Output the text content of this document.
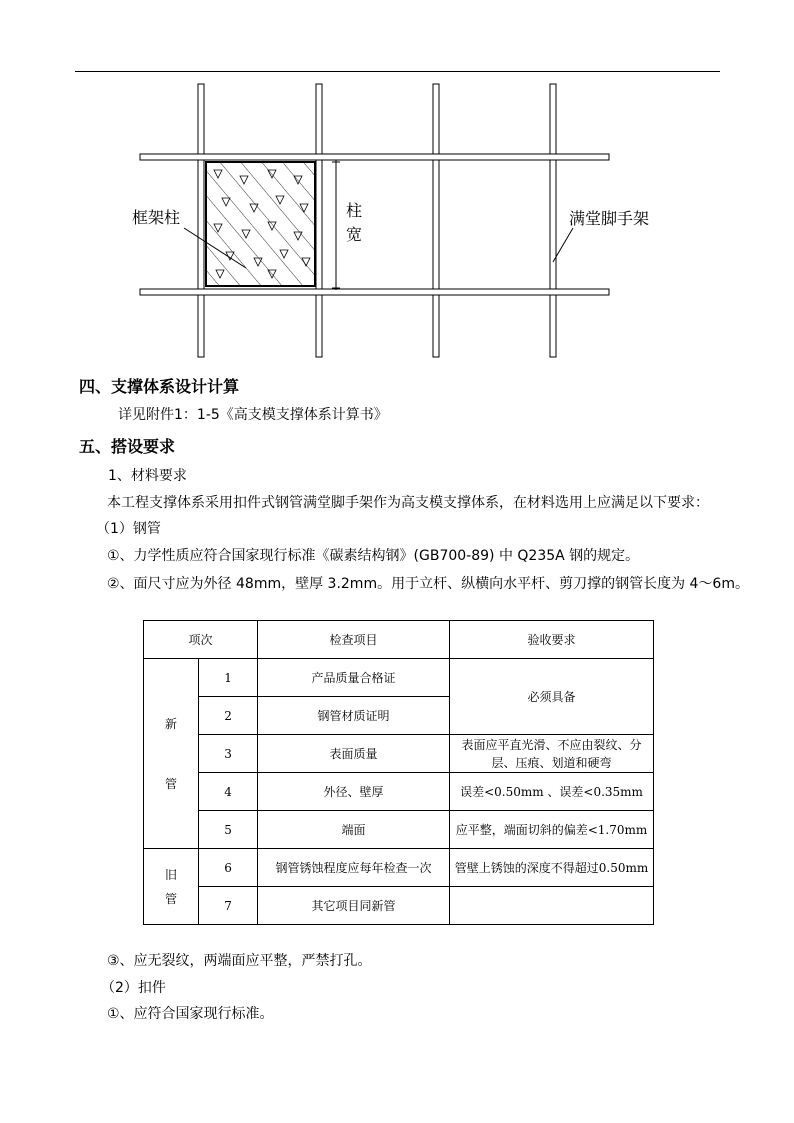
框架柱	柱
宽
满堂脚手架
四、支撑体系设计计算
详见附件1：1-5《高支模支撑体系计算书》
五、搭设要求
1、材料要求
本工程支撑体系采用扣件式钢管满堂脚手架作为高支模支撑体系，在材料选用上应满足以下要求：
（1）钢管
①、力学性质应符合国家现行标准《碳素结构钢》(GB700-89) 中 Q235A 钢的规定。
②、面尺寸应为外径 48mm，壁厚 3.2mm。用于立杆、纵横向水平杆、剪刀撑的钢管长度为 4～6m。
项次		检查项目	验收要求

新
管	1	产品质量合格证	必须具备
	2	钢管材质证明	
	3	表面质量	表面应平直光滑、不应由裂纹、分层、压痕、划道和硬弯
	4	外径、壁厚	误差<0.50mm 、误差<0.35mm
	5	端面	应平整，端面切斜的偏差<1.70mm

旧
管	6	钢管锈蚀程度应每年检查一次	管壁上锈蚀的深度不得超过0.50mm
	7	其它项目同新管	
③、应无裂纹，两端面应平整，严禁打孔。
（2）扣件
①、应符合国家现行标准。
